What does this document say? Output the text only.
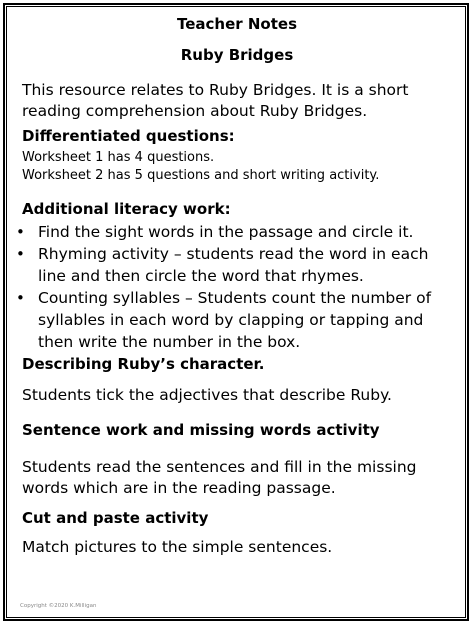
Teacher Notes
Ruby Bridges
This resource relates to Ruby Bridges. It is a short
reading comprehension about Ruby Bridges.
Differentiated questions:
Worksheet 1 has 4 questions.
Worksheet 2 has 5 questions and short writing activity.
Additional literacy work:
• Find the sight words in the passage and circle it.
• Rhyming activity – students read the word in each
line and then circle the word that rhymes.
• Counting syllables – Students count the number of
syllables in each word by clapping or tapping and
then write the number in the box.
Describing Ruby’s character.
Students tick the adjectives that describe Ruby.
Sentence work and missing words activity
Students read the sentences and fill in the missing
words which are in the reading passage.
Cut and paste activity
Match pictures to the simple sentences.
Copyright ©2020 K.Milligan
